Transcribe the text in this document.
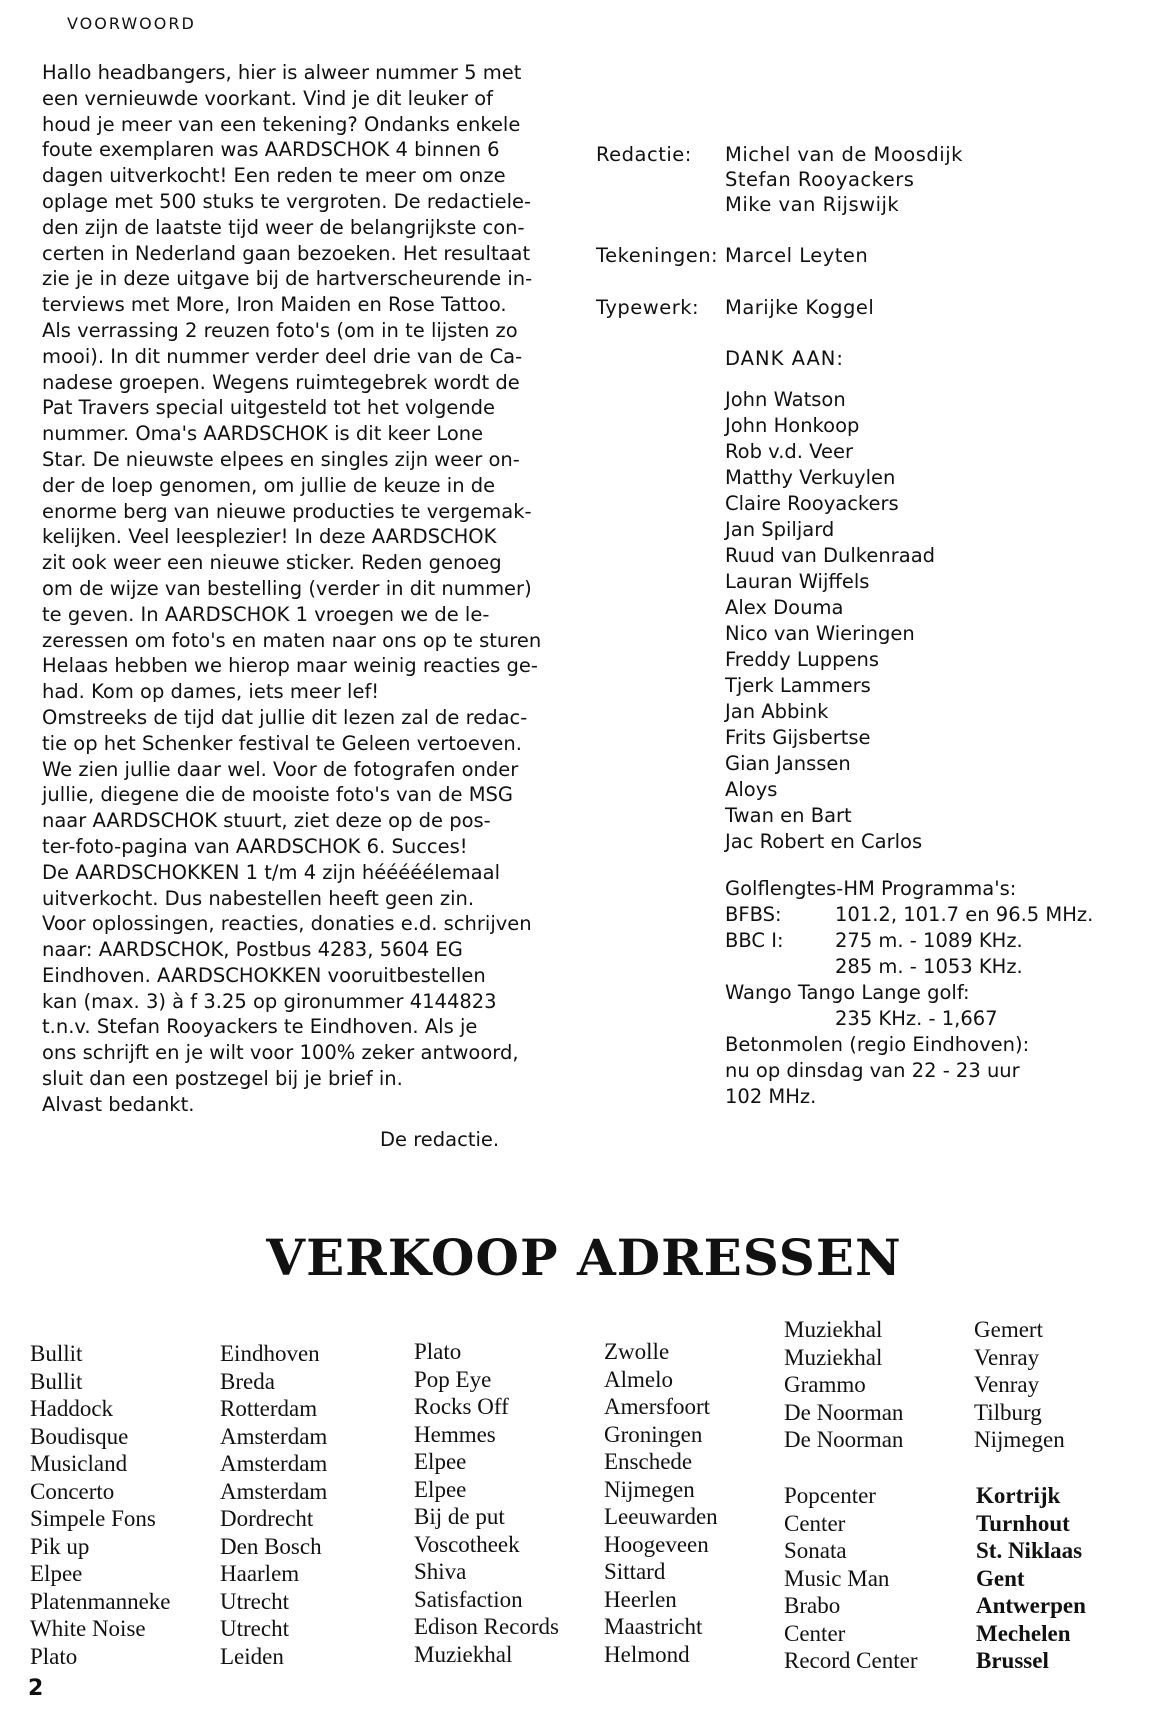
VOORWOORD
Hallo headbangers, hier is alweer nummer 5 met
een vernieuwde voorkant. Vind je dit leuker of
houd je meer van een tekening? Ondanks enkele
foute exemplaren was AARDSCHOK 4 binnen 6
dagen uitverkocht! Een reden te meer om onze
oplage met 500 stuks te vergroten. De redactiele-
den zijn de laatste tijd weer de belangrijkste con-
certen in Nederland gaan bezoeken. Het resultaat
zie je in deze uitgave bij de hartverscheurende in-
terviews met More, Iron Maiden en Rose Tattoo.
Als verrassing 2 reuzen foto's (om in te lijsten zo
mooi). In dit nummer verder deel drie van de Ca-
nadese groepen. Wegens ruimtegebrek wordt de
Pat Travers special uitgesteld tot het volgende
nummer. Oma's AARDSCHOK is dit keer Lone
Star. De nieuwste elpees en singles zijn weer on-
der de loep genomen, om jullie de keuze in de
enorme berg van nieuwe producties te vergemak-
kelijken. Veel leesplezier! In deze AARDSCHOK
zit ook weer een nieuwe sticker. Reden genoeg
om de wijze van bestelling (verder in dit nummer)
te geven. In AARDSCHOK 1 vroegen we de le-
zeressen om foto's en maten naar ons op te sturen
Helaas hebben we hierop maar weinig reacties ge-
had. Kom op dames, iets meer lef!
Omstreeks de tijd dat jullie dit lezen zal de redac-
tie op het Schenker festival te Geleen vertoeven.
We zien jullie daar wel. Voor de fotografen onder
jullie, diegene die de mooiste foto's van de MSG
naar AARDSCHOK stuurt, ziet deze op de pos-
ter-foto-pagina van AARDSCHOK 6. Succes!
De AARDSCHOKKEN 1 t/m 4 zijn hééééélemaal
uitverkocht. Dus nabestellen heeft geen zin.
Voor oplossingen, reacties, donaties e.d. schrijven
naar: AARDSCHOK, Postbus 4283, 5604 EG
Eindhoven. AARDSCHOKKEN vooruitbestellen
kan (max. 3) à f 3.25 op gironummer 4144823
t.n.v. Stefan Rooyackers te Eindhoven. Als je
ons schrijft en je wilt voor 100% zeker antwoord,
sluit dan een postzegel bij je brief in.
Alvast bedankt.
De redactie.
Redactie: Michel van de Moosdijk
Stefan Rooyackers
Mike van Rijswijk
Tekeningen: Marcel Leyten
Typewerk: Marijke Koggel
DANK AAN:
John Watson
John Honkoop
Rob v.d. Veer
Matthy Verkuylen
Claire Rooyackers
Jan Spiljard
Ruud van Dulkenraad
Lauran Wijffels
Alex Douma
Nico van Wieringen
Freddy Luppens
Tjerk Lammers
Jan Abbink
Frits Gijsbertse
Gian Janssen
Aloys
Twan en Bart
Jac Robert en Carlos
Golflengtes-HM Programma's:
BFBS:	101.2, 101.7 en 96.5 MHz.
BBC I:	275 m. - 1089 KHz.
285 m. - 1053 KHz.
Wango Tango Lange golf:
235 KHz. - 1,667
Betonmolen (regio Eindhoven):
nu op dinsdag van 22 - 23 uur
102 MHz.
VERKOOP ADRESSEN
Bullit
Bullit
Haddock
Boudisque
Musicland
Concerto
Simpele Fons
Pik up
Elpee
Platenmanneke
White Noise
Plato
Eindhoven
Breda
Rotterdam
Amsterdam
Amsterdam
Amsterdam
Dordrecht
Den Bosch
Haarlem
Utrecht
Utrecht
Leiden
Plato
Pop Eye
Rocks Off
Hemmes
Elpee
Elpee
Bij de put
Voscotheek
Shiva
Satisfaction
Edison Records
Muziekhal
Zwolle
Almelo
Amersfoort
Groningen
Enschede
Nijmegen
Leeuwarden
Hoogeveen
Sittard
Heerlen
Maastricht
Helmond
Muziekhal
Muziekhal
Grammo
De Noorman
De Noorman
Gemert
Venray
Venray
Tilburg
Nijmegen
Popcenter
Center
Sonata
Music Man
Brabo
Center
Record Center
Kortrijk
Turnhout
St. Niklaas
Gent
Antwerpen
Mechelen
Brussel
2
